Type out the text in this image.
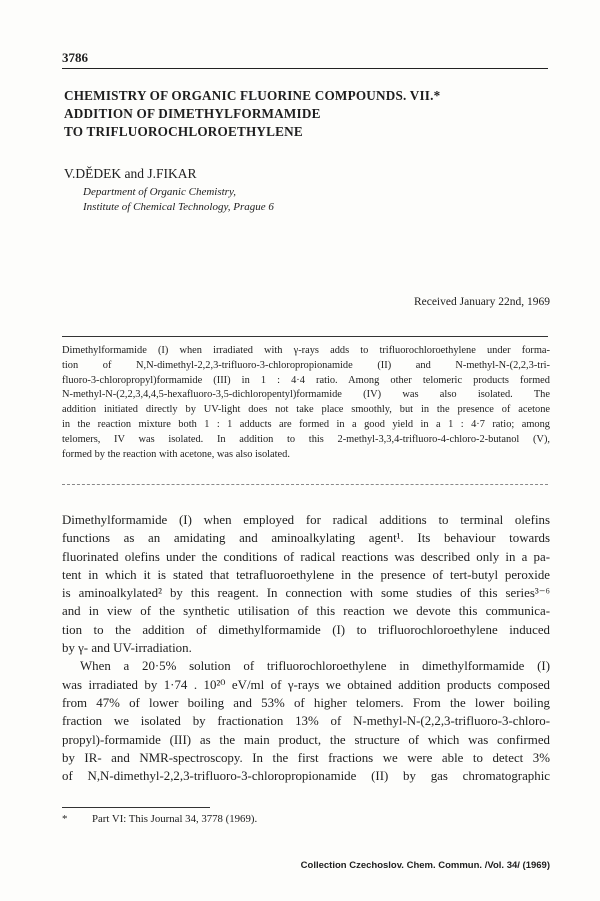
3786
CHEMISTRY OF ORGANIC FLUORINE COMPOUNDS. VII.*
ADDITION OF DIMETHYLFORMAMIDE
TO TRIFLUOROCHLOROETHYLENE
V.DĚDEK and J.FIKAR
Department of Organic Chemistry,
Institute of Chemical Technology, Prague 6
Received January 22nd, 1969
Dimethylformamide (I) when irradiated with γ-rays adds to trifluorochloroethylene under forma-
tion of N,N-dimethyl-2,2,3-trifluoro-3-chloropropionamide (II) and N-methyl-N-(2,2,3-tri-
fluoro-3-chloropropyl)formamide (III) in 1 : 4·4 ratio. Among other telomeric products formed
N-methyl-N-(2,2,3,4,4,5-hexafluoro-3,5-dichloropentyl)formamide (IV) was also isolated. The
addition initiated directly by UV-light does not take place smoothly, but in the presence of acetone
in the reaction mixture both 1 : 1 adducts are formed in a good yield in a 1 : 4·7 ratio; among
telomers, IV was isolated. In addition to this 2-methyl-3,3,4-trifluoro-4-chloro-2-butanol (V),
formed by the reaction with acetone, was also isolated.
Dimethylformamide (I) when employed for radical additions to terminal olefins
functions as an amidating and aminoalkylating agent¹. Its behaviour towards
fluorinated olefins under the conditions of radical reactions was described only in a pa-
tent in which it is stated that tetrafluoroethylene in the presence of tert-butyl peroxide
is aminoalkylated² by this reagent. In connection with some studies of this series³⁻⁶
and in view of the synthetic utilisation of this reaction we devote this communica-
tion to the addition of dimethylformamide (I) to trifluorochloroethylene induced
by γ- and UV-irradiation.
When a 20·5% solution of trifluorochloroethylene in dimethylformamide (I)
was irradiated by 1·74 . 10²⁰ eV/ml of γ-rays we obtained addition products composed
from 47% of lower boiling and 53% of higher telomers. From the lower boiling
fraction we isolated by fractionation 13% of N-methyl-N-(2,2,3-trifluoro-3-chloro-
propyl)-formamide (III) as the main product, the structure of which was confirmed
by IR- and NMR-spectroscopy. In the first fractions we were able to detect 3%
of N,N-dimethyl-2,2,3-trifluoro-3-chloropropionamide (II) by gas chromatographic
* Part VI: This Journal 34, 3778 (1969).
Collection Czechoslov. Chem. Commun. /Vol. 34/ (1969)
